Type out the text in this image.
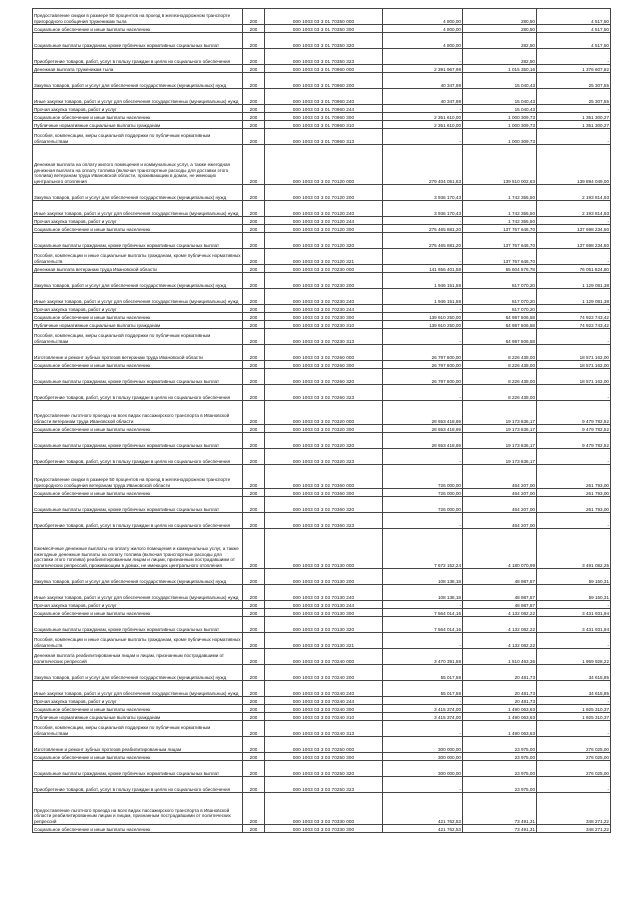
Предоставление скидки в размере 50 процентов на проезд в железнодорожном транспорте пригородного сообщения труженикам тыла	200	000 1003 03 3 01 70350 000	4 800,00	280,50	4 517,50
Социальное обеспечение и иные выплаты населению	200	000 1003 03 3 01 70350 300	4 800,00	280,50	4 517,50
Социальные выплаты гражданам, кроме публичных нормативных социальных выплат	200	000 1003 03 3 01 70350 320	4 800,00	282,50	4 517,50
Приобретение товаров, работ, услуг в пользу граждан в целях их социального обеспечения	200	000 1003 03 3 01 70350 323	-	282,50	-
Денежная выплата труженикам тыла	200	000 1003 03 3 01 70960 000	2 391 967,98	1 015 350,16	1 376 607,82
Закупка товаров, работ и услуг для обеспечения государственных (муниципальных) нужд	200	000 1003 03 3 01 70960 200	40 347,98	15 040,43	25 307,55
Иные закупки товаров, работ и услуг для обеспечения государственных (муниципальных) нужд	200	000 1003 03 3 01 70960 240	40 347,98	15 040,43	25 307,55
Прочая закупка товаров, работ и услуг	200	000 1003 03 3 01 70960 244	-	15 040,43	-
Социальное обеспечение и иные выплаты населению	200	000 1003 03 3 01 70960 300	2 351 610,00	1 000 309,73	1 351 300,27
Публичные нормативные социальные выплаты гражданам	200	000 1003 03 3 01 70960 310	2 351 610,00	1 000 309,73	1 351 300,27
Пособия, компенсации, меры социальной поддержки по публичным нормативным обязательствам	200	000 1003 03 3 01 70960 313	-	1 000 309,73	-
Денежная выплата на оплату жилого помещения и коммунальных услуг, а также ежегодная денежная выплата на оплату топлива (включая транспортные расходы для доставки этого топлива) ветеранам труда Ивановской области, проживающим в домах, не имеющих центрального отопления	200	000 1003 03 3 02 70120 000	279 404 051,63	139 510 002,63	139 894 049,00
Закупка товаров, работ и услуг для обеспечения государственных (муниципальных) нужд	200	000 1003 03 3 02 70120 200	3 936 170,43	1 742 355,50	2 193 814,93
Иные закупки товаров, работ и услуг для обеспечения государственных (муниципальных) нужд	200	000 1003 03 3 02 70120 240	3 936 170,43	1 742 355,50	2 193 814,93
Прочая закупка товаров, работ и услуг	200	000 1003 03 3 02 70120 244	-	1 742 355,50	-
Социальное обеспечение и иные выплаты населению	200	000 1003 03 3 02 70120 300	275 465 881,20	137 767 646,70	137 698 234,50
Социальные выплаты гражданам, кроме публичных нормативных социальных выплат	200	000 1003 03 3 02 70120 320	275 465 881,20	137 767 646,70	137 698 234,50
Пособия, компенсации и иные социальные выплаты гражданам, кроме публичных нормативных обязательств	200	000 1003 03 3 02 70120 321	-	137 767 646,70	-
Денежная выплата ветеранам труда Ивановской области	200	000 1003 03 3 02 70230 000	141 656 401,58	65 604 576,78	76 051 824,80
Закупка товаров, работ и услуг для обеспечения государственных (муниципальных) нужд	200	000 1003 03 3 02 70230 200	1 946 151,58	817 070,20	1 129 081,38
Иные закупки товаров, работ и услуг для обеспечения государственных (муниципальных) нужд	200	000 1003 03 3 02 70230 240	1 946 151,58	817 070,20	1 129 081,38
Прочая закупка товаров, работ и услуг	200	000 1003 03 3 02 70230 244	-	817 070,20	-
Социальное обеспечение и иные выплаты населению	200	000 1003 03 3 02 70230 300	139 910 250,00	64 987 506,58	74 922 743,42
Публичные нормативные социальные выплаты гражданам	200	000 1003 03 3 02 70230 310	139 910 250,00	64 987 506,58	74 922 743,42
Пособия, компенсации, меры социальной поддержки по публичным нормативным обязательствам	200	000 1003 03 3 02 70230 313	-	64 987 506,58	-
Изготовление и ремонт зубных протезов ветеранам труда Ивановской области	200	000 1003 03 3 02 70260 000	26 797 600,00	8 226 438,00	18 571 162,00
Социальное обеспечение и иные выплаты населению	200	000 1003 03 3 02 70260 300	26 797 600,00	8 226 438,00	18 571 162,00
Социальные выплаты гражданам, кроме публичных нормативных социальных выплат	200	000 1003 03 3 02 70260 320	26 797 600,00	8 226 438,00	18 571 162,00
Приобретение товаров, работ, услуг в пользу граждан в целях их социального обеспечения	200	000 1003 03 3 02 70260 323	-	8 226 438,00	-
Предоставление льготного проезда на всех видах пассажирского транспорта в Ивановской области ветеранам труда Ивановской области	200	000 1003 03 3 02 70320 000	28 653 418,69	19 173 636,17	9 479 782,52
Социальное обеспечение и иные выплаты населению	200	000 1003 03 3 02 70320 300	28 653 418,69	19 173 636,17	9 479 782,52
Социальные выплаты гражданам, кроме публичных нормативных социальных выплат	200	000 1003 03 3 02 70320 320	28 653 418,69	19 173 636,17	9 479 782,52
Приобретение товаров, работ, услуг в пользу граждан в целях их социального обеспечения	200	000 1003 03 3 02 70320 323	-	19 173 636,17	-
Предоставление скидки в размере 50 процентов на проезд в железнодорожном транспорте пригородного сообщения ветеранам труда Ивановской области	200	000 1003 03 3 02 70360 000	726 000,00	464 207,00	261 793,00
Социальное обеспечение и иные выплаты населению	200	000 1003 03 3 02 70360 300	726 000,00	464 207,00	261 793,00
Социальные выплаты гражданам, кроме публичных нормативных социальных выплат	200	000 1003 03 3 02 70360 320	726 000,00	464 207,00	261 793,00
Приобретение товаров, работ, услуг в пользу граждан в целях их социального обеспечения	200	000 1003 03 3 02 70360 323	-	464 207,00	-
Ежемесячные денежные выплаты на оплату жилого помещения и коммунальных услуг, а также ежегодные денежные выплаты на оплату топлива (включая транспортные расходы для доставки этого топлива) реабилитированным лицам и лицам, признанным пострадавшими от политических репрессий, проживающим в домах, не имеющих центрального отопления	200	000 1003 03 3 03 70130 000	7 672 152,24	4 180 070,99	3 491 082,25
Закупка товаров, работ и услуг для обеспечения государственных (муниципальных) нужд	200	000 1003 03 3 03 70130 200	108 138,18	48 987,87	59 150,31
Иные закупки товаров, работ и услуг для обеспечения государственных (муниципальных) нужд	200	000 1003 03 3 03 70130 240	108 138,18	48 987,87	59 150,31
Прочая закупка товаров, работ и услуг	200	000 1003 03 3 03 70130 244	-	48 987,87	-
Социальное обеспечение и иные выплаты населению	200	000 1003 03 3 03 70130 300	7 564 014,16	4 132 082,22	3 431 931,94
Социальные выплаты гражданам, кроме публичных нормативных социальных выплат	200	000 1003 03 3 03 70130 320	7 564 014,16	4 132 082,22	3 431 931,94
Пособия, компенсации и иные социальные выплаты гражданам, кроме публичных нормативных обязательств	200	000 1003 03 3 03 70130 321	-	4 132 082,22	-
Денежная выплата реабилитированным лицам и лицам, признанным пострадавшими от политических репрессий	200	000 1003 03 3 03 70240 000	3 470 391,58	1 510 463,36	1 959 928,22
Закупка товаров, работ и услуг для обеспечения государственных (муниципальных) нужд	200	000 1003 03 3 03 70240 200	55 017,58	20 481,73	34 615,85
Иные закупки товаров, работ и услуг для обеспечения государственных (муниципальных) нужд	200	000 1003 03 3 03 70240 240	55 017,58	20 481,73	34 615,85
Прочая закупка товаров, работ и услуг	200	000 1003 03 3 03 70240 244	-	20 481,73	-
Социальное обеспечение и иные выплаты населению	200	000 1003 03 3 03 70240 300	3 415 374,00	1 490 063,63	1 925 310,37
Публичные нормативные социальные выплаты гражданам	200	000 1003 03 3 03 70240 310	3 415 374,00	1 490 063,63	1 925 310,37
Пособия, компенсации, меры социальной поддержки по публичным нормативным обязательствам	200	000 1003 03 3 03 70240 313	-	1 490 063,63	-
Изготовление и ремонт зубных протезов реабилитированным лицам	200	000 1003 03 3 03 70250 000	300 000,00	23 975,00	276 025,00
Социальное обеспечение и иные выплаты населению	200	000 1003 03 3 03 70250 300	300 000,00	23 975,00	276 025,00
Социальные выплаты гражданам, кроме публичных нормативных социальных выплат	200	000 1003 03 3 03 70250 320	300 000,00	23 975,00	276 025,00
Приобретение товаров, работ, услуг в пользу граждан в целях их социального обеспечения	200	000 1003 03 3 03 70250 323	-	23 975,00	-
Предоставление льготного проезда на всех видах пассажирского транспорта в Ивановской области реабилитированным лицам и лицам, признанным пострадавшими от политических репрессий	200	000 1003 03 3 03 70330 000	421 762,53	73 491,31	348 271,22
Социальное обеспечение и иные выплаты населению	200	000 1003 03 3 03 70330 300	421 762,53	73 491,31	348 271,22
